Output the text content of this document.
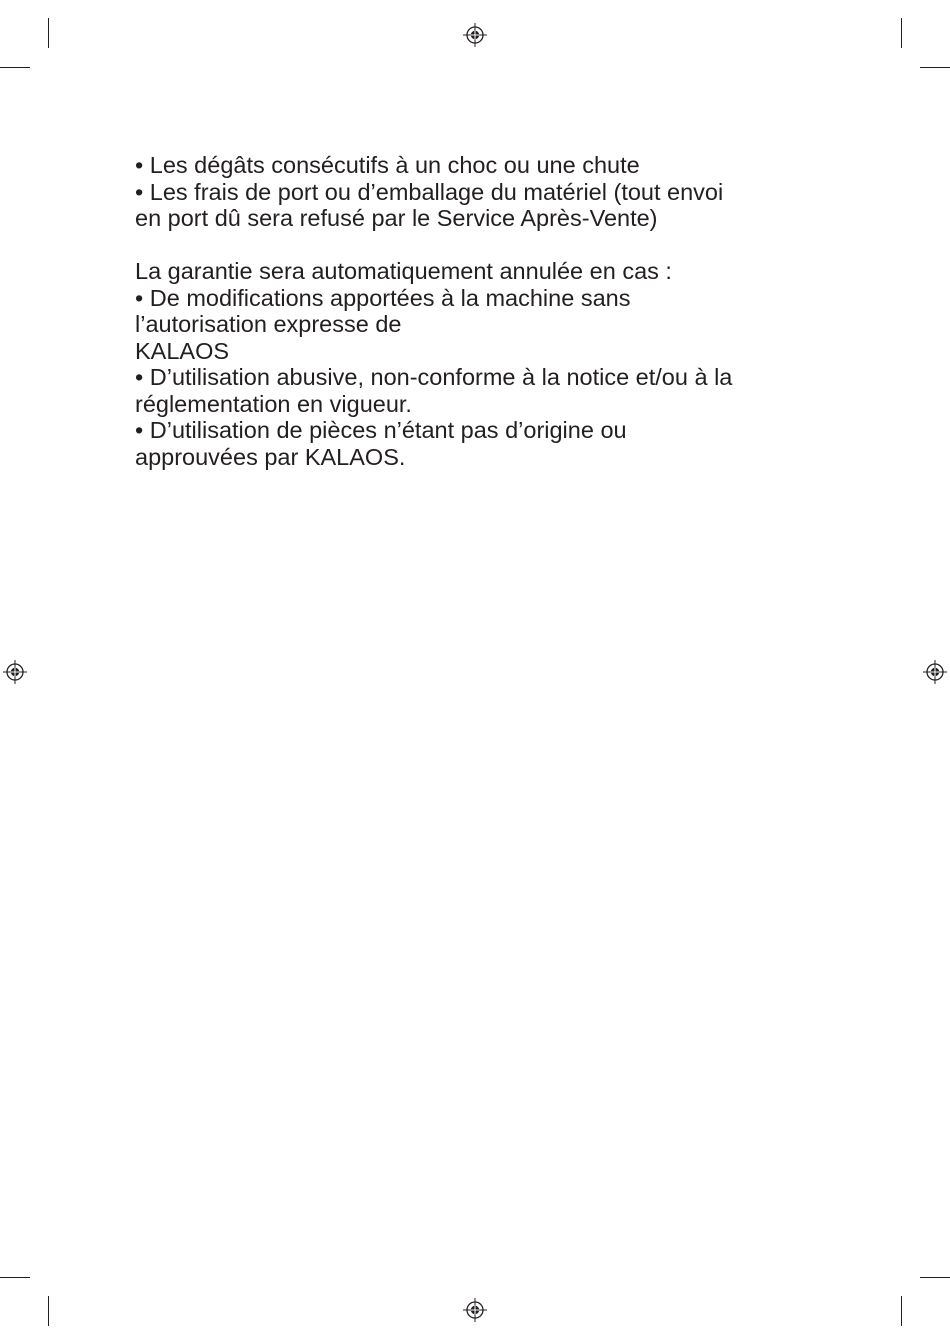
• Les dégâts consécutifs à un choc ou une chute

• Les frais de port ou d’emballage du matériel (tout envoi

en port dû sera refusé par le Service Après-Vente)

La garantie sera automatiquement annulée en cas :

• De modifications apportées à la machine sans

l’autorisation expresse de

KALAOS

• D’utilisation abusive, non-conforme à la notice et/ou à la

réglementation en vigueur.

• D’utilisation de pièces n’étant pas d’origine ou

approuvées par KALAOS.
